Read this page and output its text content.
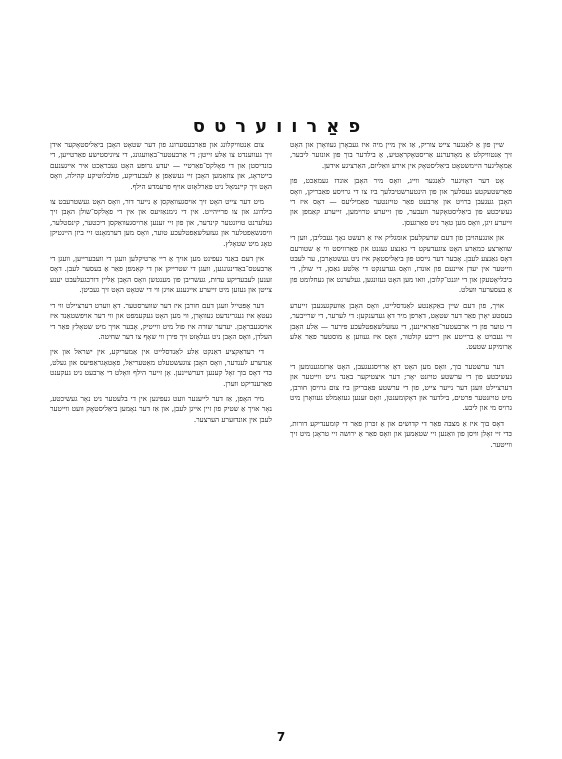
פאַרווערטס

שיין פון אַ לאַנגער צייט צוריק, אַז אין מיין מיה איז געבאָרן געוואָרן און האָט זיך אַנטוויקלט אַ מאָדערנע אַריסטאָקראַטיע, אַ בילדער בוך פון אונזער ליבער, אַמאָליגער היימשטאָט ביאַליסטאָק אין אירע וואַליום, האַרציגע אידען.

אָט דער דאָזיגער לאַנגער ווייג, וואָס מיר האָבן אונדז געמאַכט, פון פאַרשטעקטע געסלעך און פון הינטערשטיבלעך ביז צו די גרויסע פאַבריקן, וואָס האָבן געגעבן ברויט און אַרבעט פאַר טויזנטער פאַמיליעס — דאָס איז די געשיכטע פון ביאַליסטאָקער וועבער, פון זייערע טרוימען, זייערע קאַמפן און זייערע זיגן, וואָס מען טאָר ניט פאַרגעסן.

און אונגעהויבן פון דעם שרעקלעכן אומגליק איז אַ רעשט נאָך געבליבן, ווען די שוואַרצע כמאַרע האָט צוגעדעקט די גאַנצע געגנט און פאַרוויסט ווי אַ שטורעם דאָס גאַנצע לעבן. אָבער דער גייסט פון ביאַליסטאָק איז ניט געשטאָרבן, ער לעבט ווייטער אין יעדן איינעם פון אונדז, וואָס געדענקט די אַלטע גאַסן, די שולן, די ביבליאָטעקן און די יוגנט־קלובן, וואו מען האָט געזונגען, געלערנט און געחלומט פון אַ בעסערער וועלט.

אויך, פון דעם שיין באַקאַנטע לאַנדסלייט, וואָס האָבן אַוועקגעגעבן זייערע בעסטע יאָרן פאַר דער שטאָט, דאַרפן מיר דאָ געדענקען: די לערער, די שרייבער, די טוער פון די ארבעטער־פאַראיינען, די געזעלשאַפטלעכע פירער — אַלע האָבן זיי געבויט אַ ברייטע און רייכע קולטור, וואָס איז געווען אַ מוסטער פאַר אַלע אַרומיקע שטעט.

דער ערשטער בוך, וואָס מען האָט דאָ אַרויסגעגעבן, האָט אַרומגענומען די געשיכטע פון די ערשטע טויזנט יאָר; דער איצטיקער באַנד גייט ווייטער און דערציילט וועגן דער נייער צייט, פון די ערשטע פאַבריקן ביז צום גרויסן חורבן, מיט טויזנטער פּרטים, בילדער און דאָקומענטן, וואָס זענען געזאַמלט געוואָרן מיט גרויס מי און ליבע.

דאָס בוך איז אַ מצבה פאַר די קדושים און אַ זכּרון פאַר די קומענדיקע דורות, כּדי זיי זאָלן וויסן פון וואַנען זיי שטאַמען און וואָס פאַר אַ ירושה זיי טראָגן מיט זיך ווייטער.

צום אַנטוויקלונג און פאַרבעסערונג פון דער שטאָט האָבן ביאַליסטאָקער אידן זיך געווענדט צו אַלע זייטן; די אַרבעטער־באַוועגונג, די ציוניסטישע פאַרטייען, די בונדיסטן און די פאָלקס־פאַרטיי — יעדע גרופּע האָט געבראַכט איר אייגענעם בייטראָג, און צוזאַמען האָבן זיי געשאַפן אַ לעבעדיקע, פולבלוטיקע קהילה, וואָס האָט זיך קיינמאָל ניט פאַרלאָזט אויף פרעמדע הילף.

מיט דער צייט האָט זיך אויסגעוואַקסן אַ נייער דור, וואָס האָט געשטרעבט צו בילדונג און צו פרייהייט. אין די גימנאַזיעס און אין די פאָלקס־שולן האָבן זיך געלערנט טויזנטער קינדער, און פון זיי זענען אַרויסגעוואַקסן דיכטער, קינסטלער, וויסנשאַפטלער און געזעלשאַפטלעכע טוער, וואָס מען דערמאָנט זיי ביזן היינטיקן טאָג מיט שטאָלץ.

אין דעם באַנד געפינט מען אויך אַ ריי אַרטיקלען וועגן די וועבערייען, וועגן די אַרבעטס־באַדינגונגען, וועגן די שטרייקן און די קאַמפן פאַר אַ בעסער לעבן. דאָס זענען לעבעדיקע עדות, געשריבן פון מענטשן וואָס האָבן אַליין דורכגעלעבט יענע צייטן און געזען מיט זייערע אייגענע אויגן ווי די שטאָט האָט זיך געביטן.

דער אָפּטייל וועגן דעם חורבן איז דער שווערסטער. דאָ ווערט דערציילט ווי די געטאָ איז געגרינדעט געוואָרן, ווי מען האָט געקעמפט און ווי דער אויפשטאַנד איז אויסגעבראָכן. יעדער שורה איז פול מיט ווייטיק, אָבער אויך מיט שטאָלץ פאַר די העלדן, וואָס האָבן ניט געלאָזט זיך פירן ווי שאָף צו דער שחיטה.

די רעדאַקציע דאַנקט אַלע לאַנדסלייט אין אַמעריקע, אין ישראל און אין אַנדערע לענדער, וואָס האָבן צוגעשטעלט מאַטעריאַל, פאָטאָגראַפיעס און געלט, כּדי דאָס בוך זאָל קענען דערשיינען. אָן זייער הילף וואָלט די אַרבעט ניט געקענט פאַרענדיקט ווערן.

מיר האָפן, אַז דער לייענער וועט געפינען אין די בלעטער ניט נאָר געשיכטע, נאָר אויך אַ שטיק פון זיין אייגן לעבן, און אַז דער נאָמען ביאַליסטאָק וועט ווייטער לעבן אין אונדזערע הערצער.

7
